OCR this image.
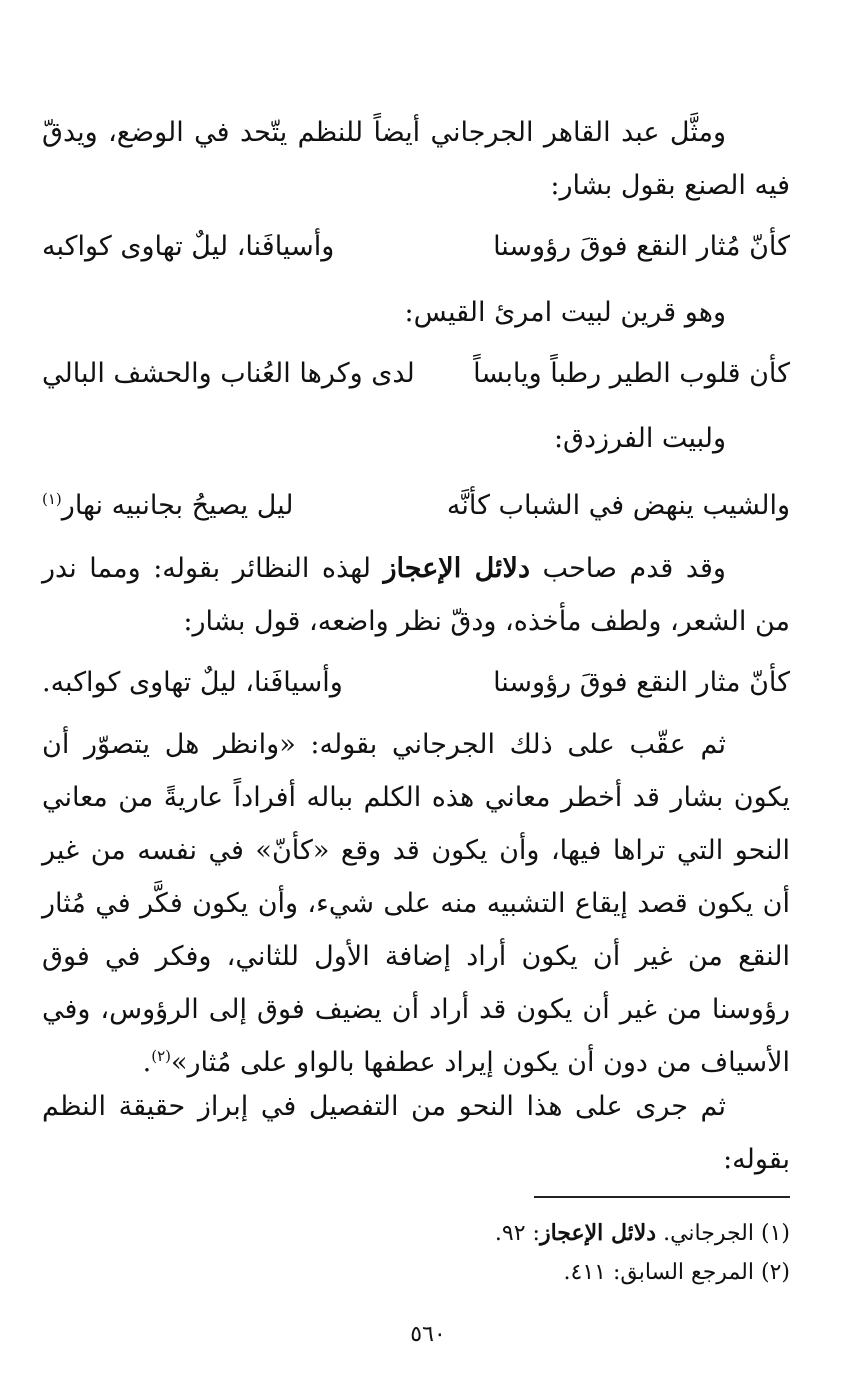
ومثَّل عبد القاهر الجرجاني أيضاً للنظم يتّحد في الوضع، ويدقّ فيه الصنع بقول بشار:
كأنّ مُثار النقع فوقَ رؤوسنا
وأسيافَنا، ليلٌ تهاوى كواكبه
وهو قرين لبيت امرئ القيس:
كأن قلوب الطير رطباً ويابساً
لدى وكرها العُناب والحشف البالي
ولبيت الفرزدق:
والشيب ينهض في الشباب كأنَّه
ليل يصيحُ بجانبيه نهار$^{(١)}$
وقد قدم صاحب دلائل الإعجاز لهذه النظائر بقوله: ومما ندر من الشعر، ولطف مأخذه، ودقّ نظر واضعه، قول بشار:
كأنّ مثار النقع فوقَ رؤوسنا
وأسيافَنا، ليلٌ تهاوى كواكبه.
ثم عقّب على ذلك الجرجاني بقوله: «وانظر هل يتصوّر أن يكون بشار قد أخطر معاني هذه الكلم بباله أفراداً عاريةً من معاني النحو التي تراها فيها، وأن يكون قد وقع «كأنّ» في نفسه من غير أن يكون قصد إيقاع التشبيه منه على شيء، وأن يكون فكَّر في مُثار النقع من غير أن يكون أراد إضافة الأول للثاني، وفكر في فوق رؤوسنا من غير أن يكون قد أراد أن يضيف فوق إلى الرؤوس، وفي الأسياف من دون أن يكون إيراد عطفها بالواو على مُثار»$^{(٢)}$.
ثم جرى على هذا النحو من التفصيل في إبراز حقيقة النظم بقوله:
(١) الجرجاني. دلائل الإعجاز: ٩٢.
(٢) المرجع السابق: ٤١١.
٥٦٠
